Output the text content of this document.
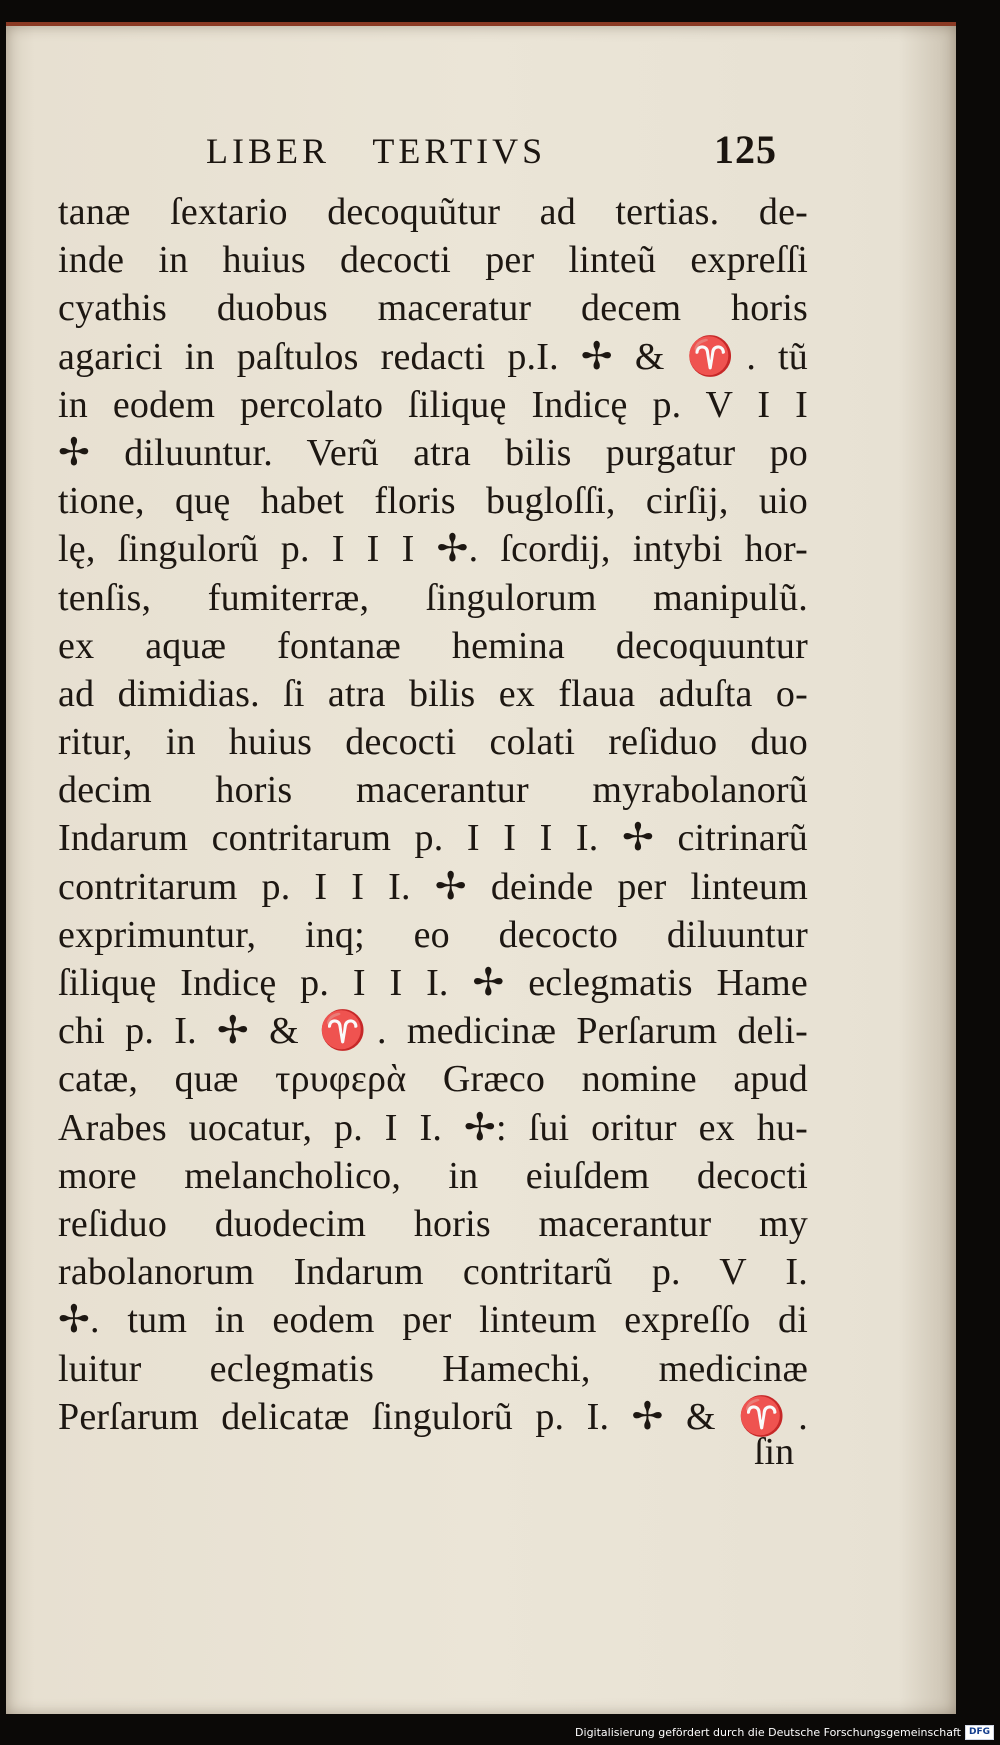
LIBER TERTIVS	125
tanæ ſextario decoquũtur ad tertias. de-
inde in huius decocti per linteũ expreſſi
cyathis duobus maceratur decem horis
agarici in paſtulos redacti p.I. ✢ & ♈. tũ
in eodem percolato ſiliquę Indicę p. V I I
✢ diluuntur. Verũ atra bilis purgatur po
tione, quę habet floris bugloſſi, cirſij, uio
lę, ſingulorũ p. I I I ✢. ſcordij, intybi hor-
tenſis, fumiterræ, ſingulorum manipulũ.
ex aquæ fontanæ hemina decoquuntur
ad dimidias. ſi atra bilis ex flaua aduſta o-
ritur, in huius decocti colati reſiduo duo
decim horis macerantur myrabolanorũ
Indarum contritarum p. I I I I. ✢ citrinarũ
contritarum p. I I I. ✢ deinde per linteum
exprimuntur, inq; eo decocto diluuntur
ſiliquę Indicę p. I I I. ✢ eclegmatis Hame
chi p. I. ✢ & ♈. medicinæ Perſarum deli-
catæ, quæ τρυφερὰ Græco nomine apud
Arabes uocatur, p. I I. ✢: ſui oritur ex hu-
more melancholico, in eiuſdem decocti
reſiduo duodecim horis macerantur my
rabolanorum Indarum contritarũ p. V I.
✢. tum in eodem per linteum expreſſo di
luitur eclegmatis Hamechi, medicinæ
Perſarum delicatæ ſingulorũ p. I. ✢ & ♈.
ſin
Digitalisierung gefördert durch die Deutsche Forschungsgemeinschaft DFG
